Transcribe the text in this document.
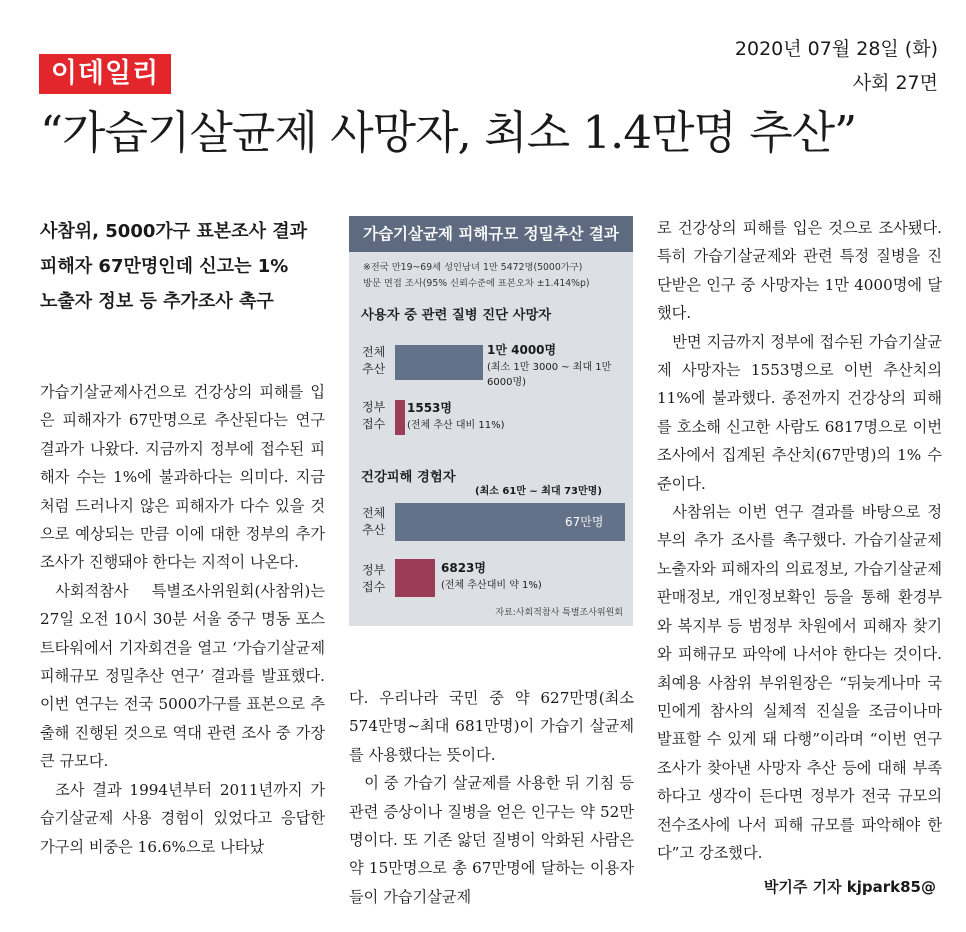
이데일리
2020년 07월 28일 (화)
사회 27면
“가습기살균제 사망자, 최소 1.4만명 추산”
사참위, 5000가구 표본조사 결과
피해자 67만명인데 신고는 1%
노출자 정보 등 추가조사 촉구

가습기살균제사건으로 건강상의 피해를 입은 피해자가 67만명으로 추산된다는 연구 결과가 나왔다. 지금까지 정부에 접수된 피해자 수는 1%에 불과하다는 의미다. 지금처럼 드러나지 않은 피해자가 다수 있을 것으로 예상되는 만큼 이에 대한 정부의 추가 조사가 진행돼야 한다는 지적이 나온다.

사회적참사 특별조사위원회(사참위)는 27일 오전 10시 30분 서울 중구 명동 포스트타워에서 기자회견을 열고 ‘가습기살균제 피해규모 정밀추산 연구’ 결과를 발표했다. 이번 연구는 전국 5000가구를 표본으로 추출해 진행된 것으로 역대 관련 조사 중 가장 큰 규모다.

조사 결과 1994년부터 2011년까지 가습기살균제 사용 경험이 있었다고 응답한 가구의 비중은 16.6%으로 나타났

가습기살균제 피해규모 정밀추산 결과
※전국 만19~69세 성인남녀 1만 5472명(5000가구)
방문 면접 조사(95% 신뢰수준에 표본오차 ±1.414%p)
사용자 중 관련 질병 진단 사망자
전체 추산
1만 4000명
(최소 1만 3000 ~ 최대 1만 6000명)
정부 접수
1553명
(전체 추산 대비 11%)
건강피해 경험자
(최소 61만 ~ 최대 73만명)
전체 추산
67만명
정부 접수
6823명
(전체 추산대비 약 1%)
자료:사회적참사 특별조사위원회

다. 우리나라 국민 중 약 627만명(최소 574만명~최대 681만명)이 가습기 살균제를 사용했다는 뜻이다.

이 중 가습기 살균제를 사용한 뒤 기침 등 관련 증상이나 질병을 얻은 인구는 약 52만명이다. 또 기존 앓던 질병이 악화된 사람은 약 15만명으로 총 67만명에 달하는 이용자들이 가습기살균제

로 건강상의 피해를 입은 것으로 조사됐다. 특히 가습기살균제와 관련 특정 질병을 진단받은 인구 중 사망자는 1만 4000명에 달했다.

반면 지금까지 정부에 접수된 가습기살균제 사망자는 1553명으로 이번 추산치의 11%에 불과했다. 종전까지 건강상의 피해를 호소해 신고한 사람도 6817명으로 이번 조사에서 집계된 추산치(67만명)의 1% 수준이다.

사참위는 이번 연구 결과를 바탕으로 정부의 추가 조사를 촉구했다. 가습기살균제 노출자와 피해자의 의료정보, 가습기살균제 판매정보, 개인정보확인 등을 통해 환경부와 복지부 등 범정부 차원에서 피해자 찾기와 피해규모 파악에 나서야 한다는 것이다. 최예용 사참위 부위원장은 “뒤늦게나마 국민에게 참사의 실체적 진실을 조금이나마 발표할 수 있게 돼 다행”이라며 “이번 연구 조사가 찾아낸 사망자 추산 등에 대해 부족하다고 생각이 든다면 정부가 전국 규모의 전수조사에 나서 피해 규모를 파악해야 한다”고 강조했다.

박기주 기자 kjpark85@
